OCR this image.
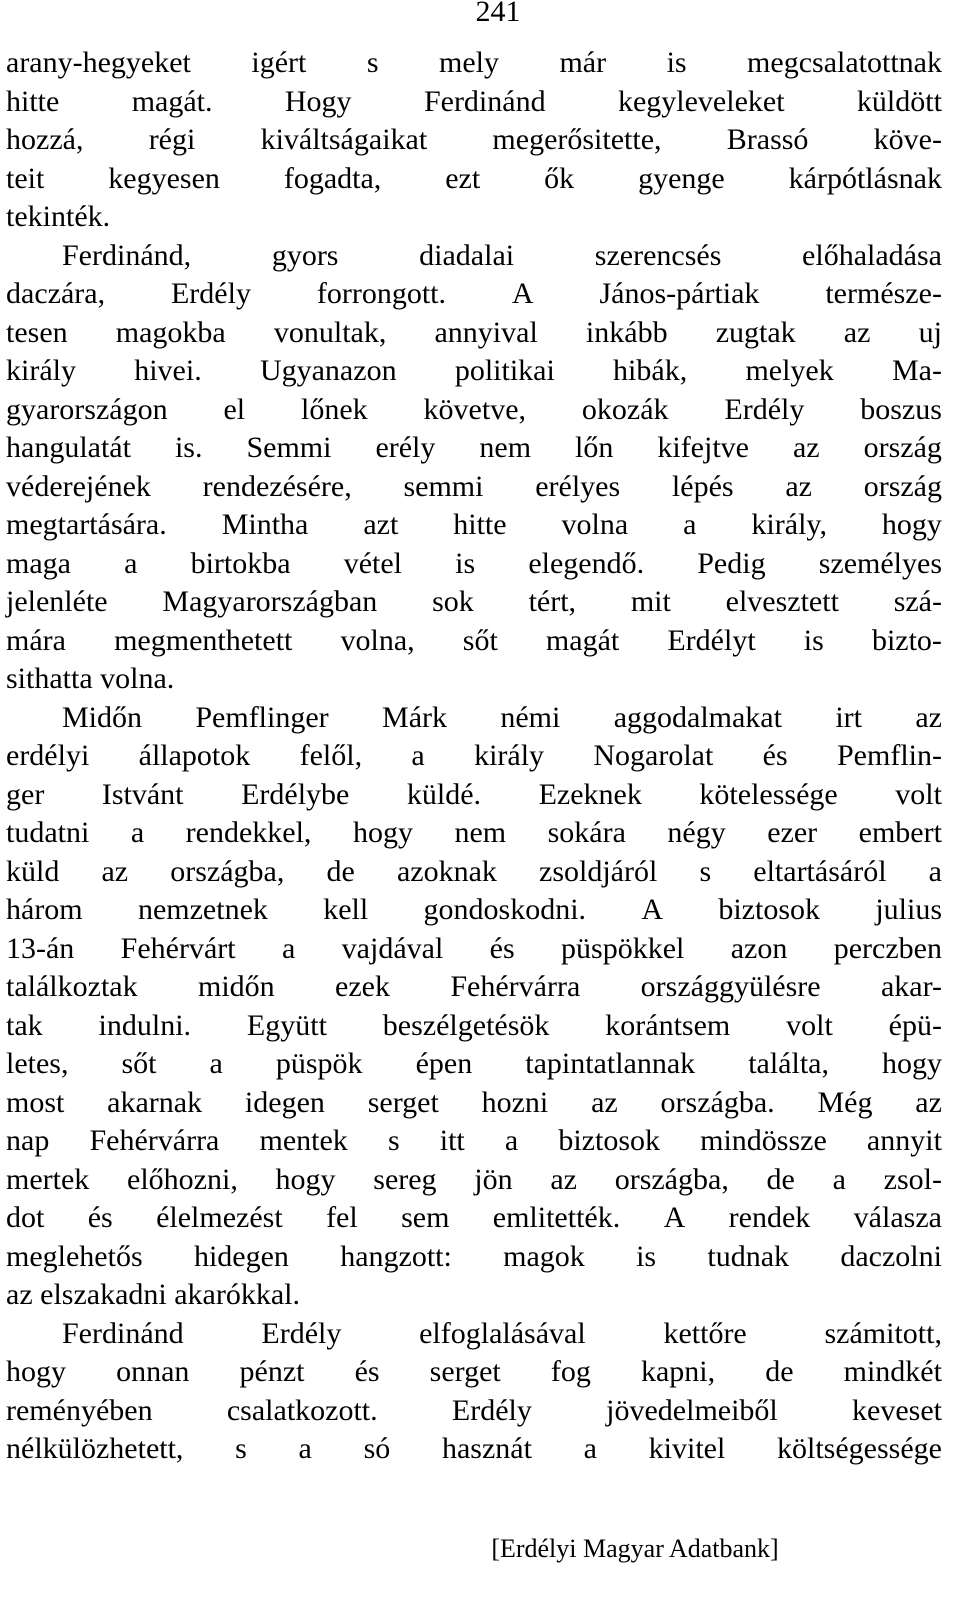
241
arany-hegyeket igért s mely már is megcsalatottnak
hitte magát. Hogy Ferdinánd kegyleveleket küldött
hozzá, régi kiváltságaikat megerősitette, Brassó köve-
teit kegyesen fogadta, ezt ők gyenge kárpótlásnak
tekinték.
Ferdinánd,	gyors	diadalai	szerencsés	előhaladása
daczára, Erdély forrongott. A János-pártiak természe-
tesen magokba vonultak, annyival inkább zugtak az uj
király hivei. Ugyanazon politikai hibák, melyek Ma-
gyarországon el lőnek követve, okozák Erdély boszus
hangulatát is. Semmi erély nem lőn kifejtve az ország
véderejének rendezésére, semmi erélyes lépés az ország
megtartására. Mintha azt hitte volna a király, hogy
maga a birtokba vétel is elegendő. Pedig személyes
jelenléte Magyarországban sok tért, mit elvesztett szá-
mára megmenthetett volna, sőt magát Erdélyt is bizto-
sithatta volna.
Midőn Pemflinger Márk némi aggodalmakat irt az
erdélyi állapotok felől, a király Nogarolat és Pemflin-
ger Istvánt Erdélybe küldé. Ezeknek kötelessége volt
tudatni a rendekkel, hogy nem sokára négy ezer embert
küld az országba, de azoknak zsoldjáról s eltartásáról a
három nemzetnek kell gondoskodni. A biztosok julius
13-án Fehérvárt a vajdával és püspökkel azon perczben
találkoztak midőn ezek Fehérvárra országgyülésre akar-
tak indulni. Együtt beszélgetésök korántsem volt épü-
letes, sőt a püspök épen tapintatlannak találta, hogy
most akarnak idegen serget hozni az országba. Még az
nap Fehérvárra mentek s itt a biztosok mindössze annyit
mertek előhozni, hogy sereg jön az országba, de a zsol-
dot és élelmezést fel sem emlitették. A rendek válasza
meglehetős hidegen hangzott: magok is tudnak daczolni
az elszakadni akarókkal.
Ferdinánd	Erdély	elfoglalásával	kettőre	számitott,
hogy onnan pénzt és serget fog kapni, de mindkét
reményében csalatkozott. Erdély jövedelmeiből keveset
nélkülözhetett, s a só hasznát a kivitel költségessége
[Erdélyi Magyar Adatbank]
